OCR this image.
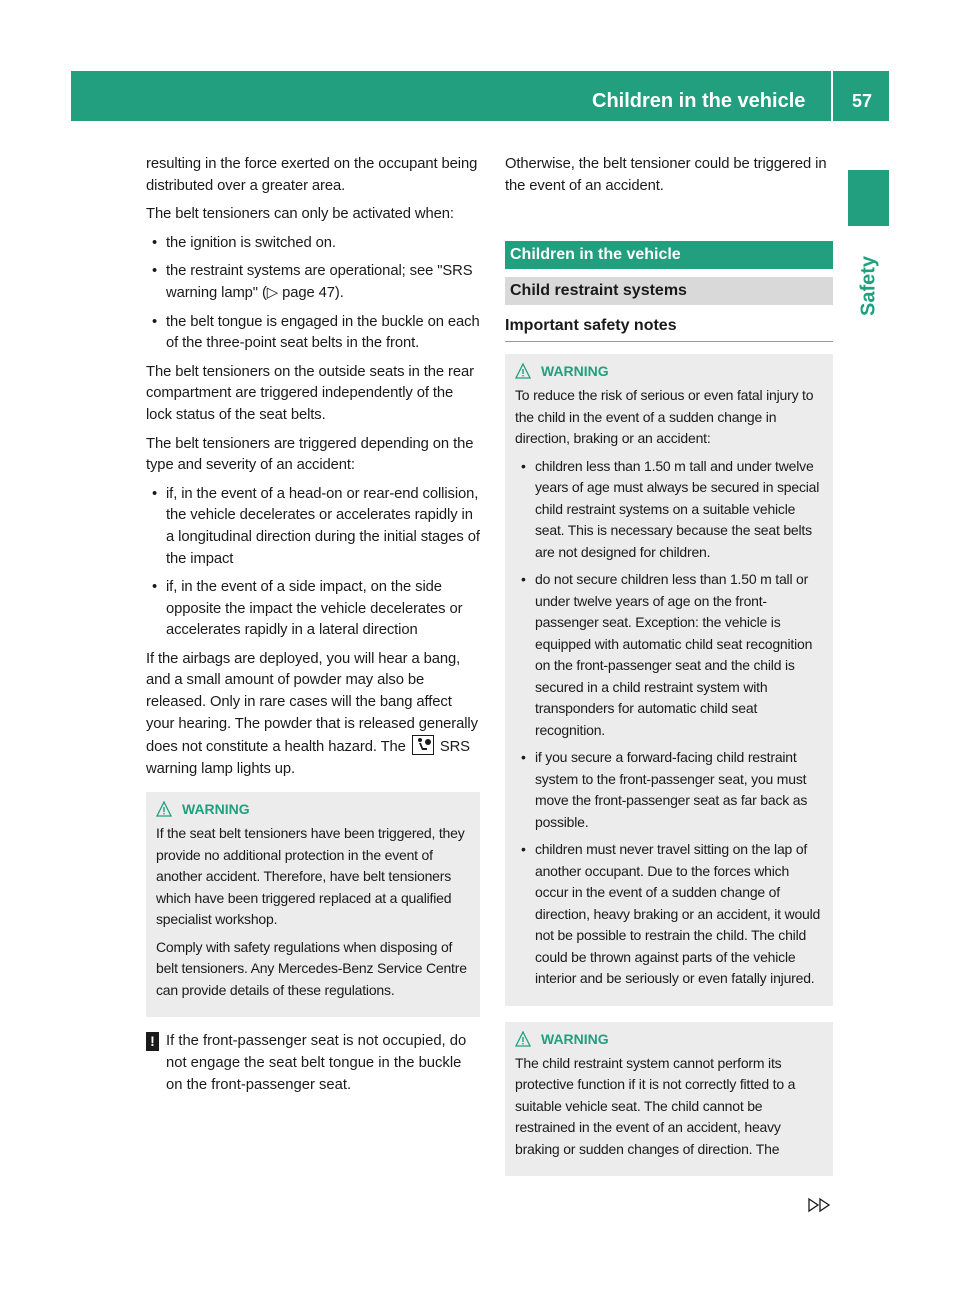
Children in the vehicle	57
Safety

resulting in the force exerted on the occupant being distributed over a greater area.

The belt tensioners can only be activated when:

• the ignition is switched on.
• the restraint systems are operational; see "SRS warning lamp" (▷ page 47).
• the belt tongue is engaged in the buckle on each of the three-point seat belts in the front.

The belt tensioners on the outside seats in the rear compartment are triggered independently of the lock status of the seat belts.

The belt tensioners are triggered depending on the type and severity of an accident:

• if, in the event of a head-on or rear-end collision, the vehicle decelerates or accelerates rapidly in a longitudinal direction during the initial stages of the impact
• if, in the event of a side impact, on the side opposite the impact the vehicle decelerates or accelerates rapidly in a lateral direction

If the airbags are deployed, you will hear a bang, and a small amount of powder may also be released. Only in rare cases will the bang affect your hearing. The powder that is released generally does not constitute a health hazard. The SRS warning lamp lights up.

WARNING

If the seat belt tensioners have been triggered, they provide no additional protection in the event of another accident. Therefore, have belt tensioners which have been triggered replaced at a qualified specialist workshop.

Comply with safety regulations when disposing of belt tensioners. Any Mercedes-Benz Service Centre can provide details of these regulations.

! If the front-passenger seat is not occupied, do not engage the seat belt tongue in the buckle on the front-passenger seat.

Otherwise, the belt tensioner could be triggered in the event of an accident.

Children in the vehicle
Child restraint systems
Important safety notes
WARNING

To reduce the risk of serious or even fatal injury to the child in the event of a sudden change in direction, braking or an accident:

• children less than 1.50 m tall and under twelve years of age must always be secured in special child restraint systems on a suitable vehicle seat. This is necessary because the seat belts are not designed for children.
• do not secure children less than 1.50 m tall or under twelve years of age on the front-passenger seat. Exception: the vehicle is equipped with automatic child seat recognition on the front-passenger seat and the child is secured in a child restraint system with transponders for automatic child seat recognition.
• if you secure a forward-facing child restraint system to the front-passenger seat, you must move the front-passenger seat as far back as possible.
• children must never travel sitting on the lap of another occupant. Due to the forces which occur in the event of a sudden change of direction, heavy braking or an accident, it would not be possible to restrain the child. The child could be thrown against parts of the vehicle interior and be seriously or even fatally injured.
WARNING

The child restraint system cannot perform its protective function if it is not correctly fitted to a suitable vehicle seat. The child cannot be restrained in the event of an accident, heavy braking or sudden changes of direction. The
